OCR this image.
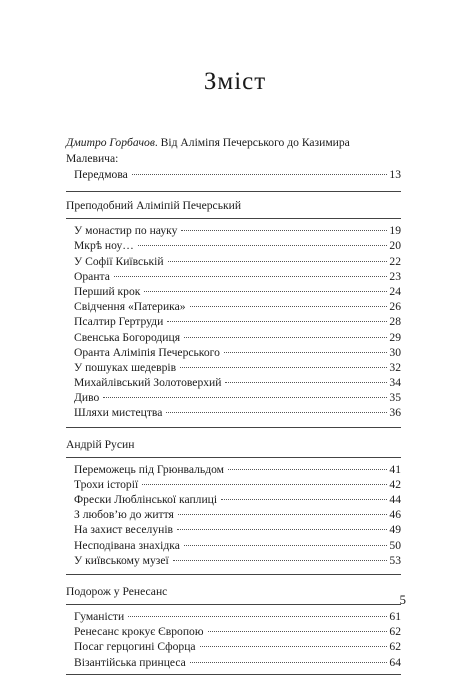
Зміст
Дмитро Горбачов. Від Аліміпя Печерського до Казимира Малевича:
Передмова	13
Преподобний Аліміпій Печерський
У монастир по науку	19
Мкрѣ ноу…	20
У Софії Київській	22
Оранта	23
Перший крок	24
Свідчення «Патерика»	26
Псалтир Гертруди	28
Свенська Богородиця	29
Оранта Аліміпія Печерського	30
У пошуках шедеврів	32
Михайлівський Золотоверхий	34
Диво	35
Шляхи мистецтва	36
Андрій Русин
Переможець під Грюнвальдом	41
Трохи історії	42
Фрески Люблінської каплиці	44
З любов’ю до життя	46
На захист веселунів	49
Несподівана знахідка	50
У київському музеї	53
Подорож у Ренесанс
Гуманісти	61
Ренесанс крокує Європою	62
Посаг герцогині Сфорца	62
Візантійська принцеса	64
5
